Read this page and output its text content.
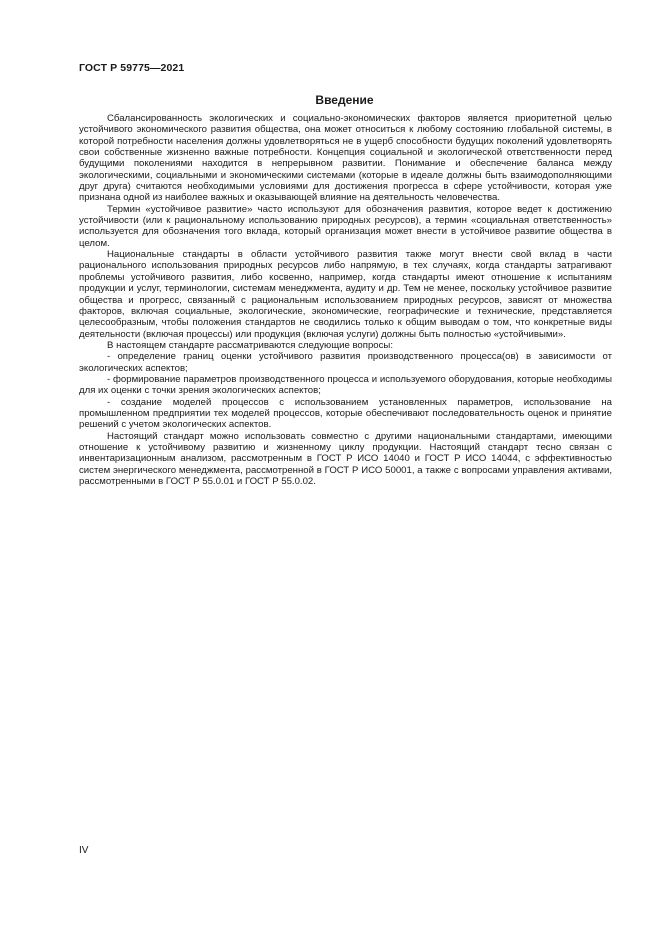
ГОСТ Р 59775—2021
Введение

Сбалансированность экологических и социально-экономических факторов является приоритетной целью устойчивого экономического развития общества, она может относиться к любому состоянию глобальной системы, в которой потребности населения должны удовлетворяться не в ущерб способности будущих поколений удовлетворять свои собственные жизненно важные потребности. Концепция социальной и экологической ответственности перед будущими поколениями находится в непрерывном развитии. Понимание и обеспечение баланса между экологическими, социальными и экономическими системами (которые в идеале должны быть взаимодополняющими друг друга) считаются необходимыми условиями для достижения прогресса в сфере устойчивости, которая уже признана одной из наиболее важных и оказывающей влияние на деятельность человечества.

Термин «устойчивое развитие» часто используют для обозначения развития, которое ведет к достижению устойчивости (или к рациональному использованию природных ресурсов), а термин «социальная ответственность» используется для обозначения того вклада, который организация может внести в устойчивое развитие общества в целом.

Национальные стандарты в области устойчивого развития также могут внести свой вклад в части рационального использования природных ресурсов либо напрямую, в тех случаях, когда стандарты затрагивают проблемы устойчивого развития, либо косвенно, например, когда стандарты имеют отношение к испытаниям продукции и услуг, терминологии, системам менеджмента, аудиту и др. Тем не менее, поскольку устойчивое развитие общества и прогресс, связанный с рациональным использованием природных ресурсов, зависят от множества факторов, включая социальные, экологические, экономические, географические и технические, представляется целесообразным, чтобы положения стандартов не сводились только к общим выводам о том, что конкретные виды деятельности (включая процессы) или продукция (включая услуги) должны быть полностью «устойчивыми».

В настоящем стандарте рассматриваются следующие вопросы:

- определение границ оценки устойчивого развития производственного процесса(ов) в зависимости от экологических аспектов;

- формирование параметров производственного процесса и используемого оборудования, которые необходимы для их оценки с точки зрения экологических аспектов;

- создание моделей процессов с использованием установленных параметров, использование на промышленном предприятии тех моделей процессов, которые обеспечивают последовательность оценок и принятие решений с учетом экологических аспектов.

Настоящий стандарт можно использовать совместно с другими национальными стандартами, имеющими отношение к устойчивому развитию и жизненному циклу продукции. Настоящий стандарт тесно связан с инвентаризационным анализом, рассмотренным в ГОСТ Р ИСО 14040 и ГОСТ Р ИСО 14044, с эффективностью систем энергического менеджмента, рассмотренной в ГОСТ Р ИСО 50001, а также с вопросами управления активами, рассмотренными в ГОСТ Р 55.0.01 и ГОСТ Р 55.0.02.

IV
